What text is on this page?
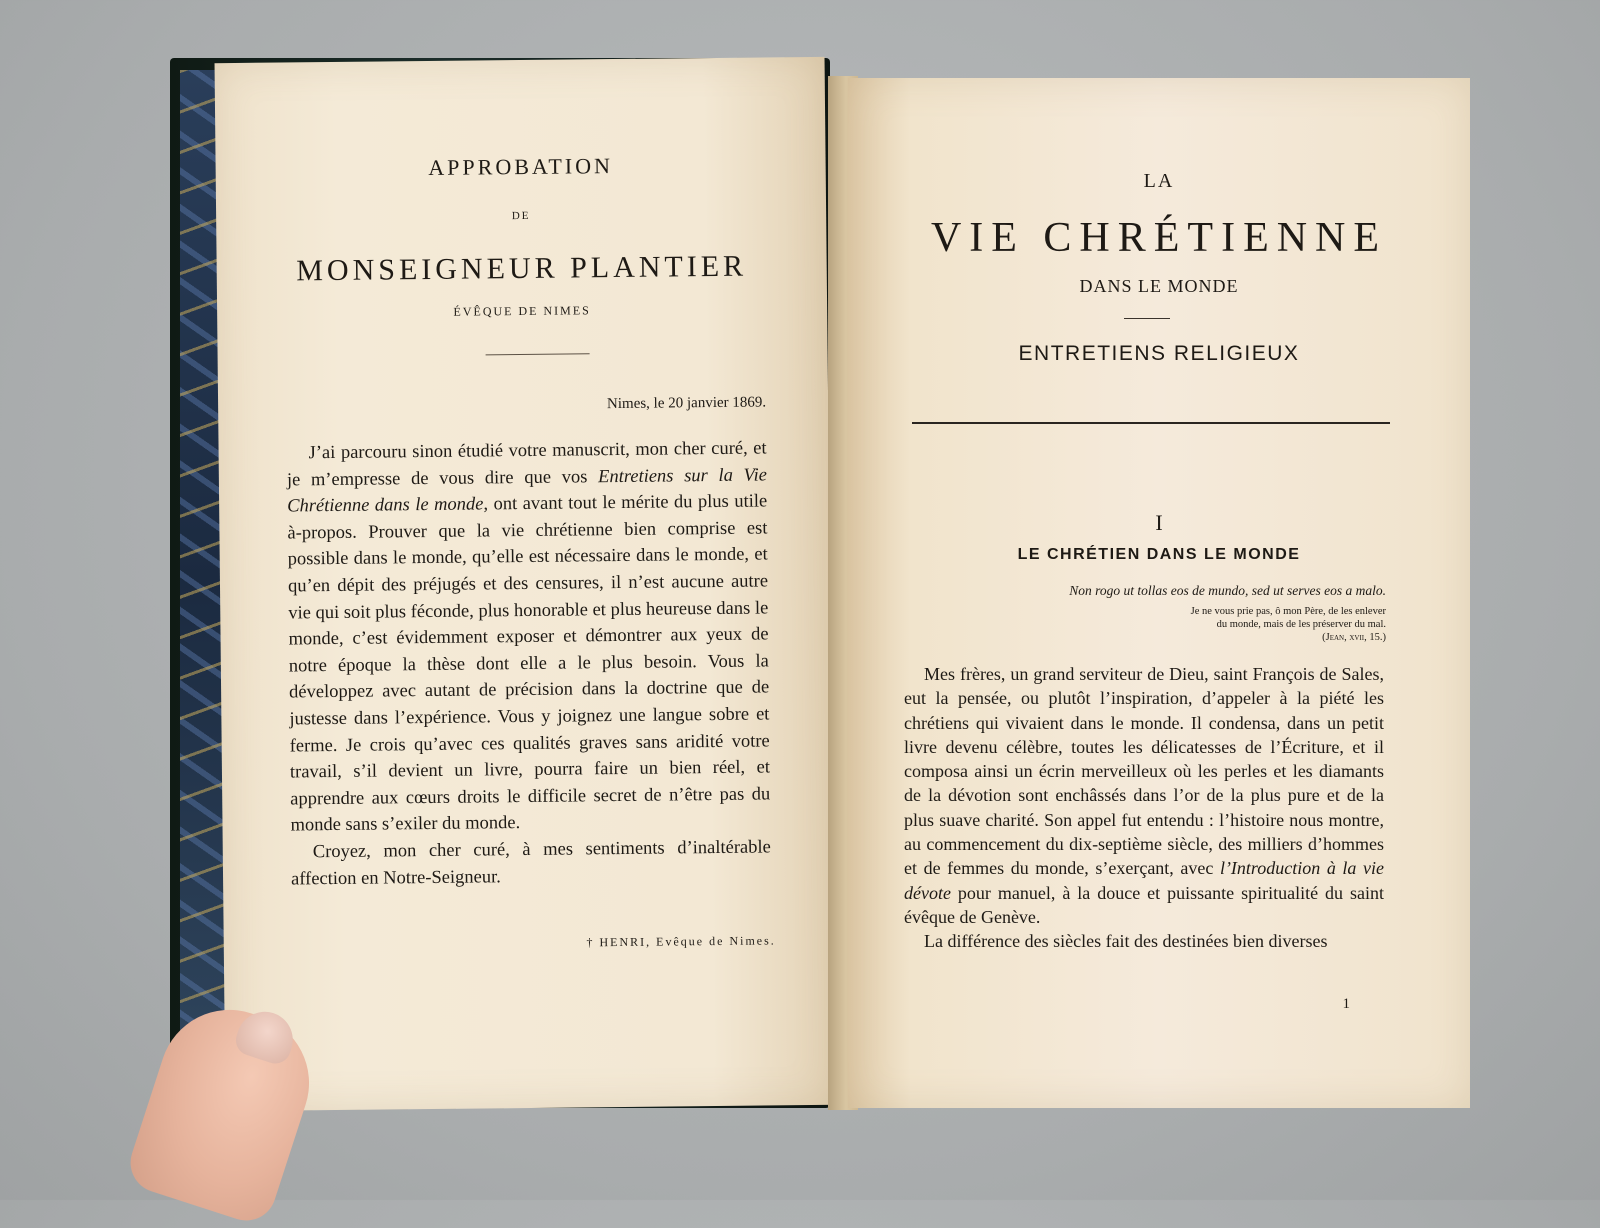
APPROBATION
DE
MONSEIGNEUR PLANTIER
ÉVÊQUE DE NIMES
Nimes, le 20 janvier 1869.

J’ai parcouru sinon étudié votre manuscrit, mon cher curé, et je m’empresse de vous dire que vos Entretiens sur la Vie Chrétienne dans le monde, ont avant tout le mérite du plus utile à-propos. Prouver que la vie chrétienne bien comprise est possible dans le monde, qu’elle est nécessaire dans le monde, et qu’en dépit des préjugés et des censures, il n’est aucune autre vie qui soit plus féconde, plus honorable et plus heureuse dans le monde, c’est évidemment exposer et démontrer aux yeux de notre époque la thèse dont elle a le plus besoin. Vous la développez avec autant de précision dans la doctrine que de justesse dans l’expérience. Vous y joignez une langue sobre et ferme. Je crois qu’avec ces qualités graves sans aridité votre travail, s’il devient un livre, pourra faire un bien réel, et apprendre aux cœurs droits le difficile secret de n’être pas du monde sans s’exiler du monde.

Croyez, mon cher curé, à mes sentiments d’inaltérable affection en Notre-Seigneur.

† HENRI, Evêque de Nimes.
LA
VIE CHRÉTIENNE
DANS LE MONDE
ENTRETIENS RELIGIEUX
I
LE CHRÉTIEN DANS LE MONDE
Non rogo ut tollas eos de mundo, sed ut serves eos a malo.
Je ne vous prie pas, ô mon Père, de les enlever
du monde, mais de les préserver du mal.
(Jean, xvii, 15.)

Mes frères, un grand serviteur de Dieu, saint François de Sales, eut la pensée, ou plutôt l’inspiration, d’appeler à la piété les chrétiens qui vivaient dans le monde. Il condensa, dans un petit livre devenu célèbre, toutes les délicatesses de l’Écriture, et il composa ainsi un écrin merveilleux où les perles et les diamants de la dévotion sont enchâssés dans l’or de la plus pure et de la plus suave charité. Son appel fut entendu : l’histoire nous montre, au commencement du dix-septième siècle, des milliers d’hommes et de femmes du monde, s’exerçant, avec l’Introduction à la vie dévote pour manuel, à la douce et puissante spiritualité du saint évêque de Genève.

La différence des siècles fait des destinées bien diverses

1
